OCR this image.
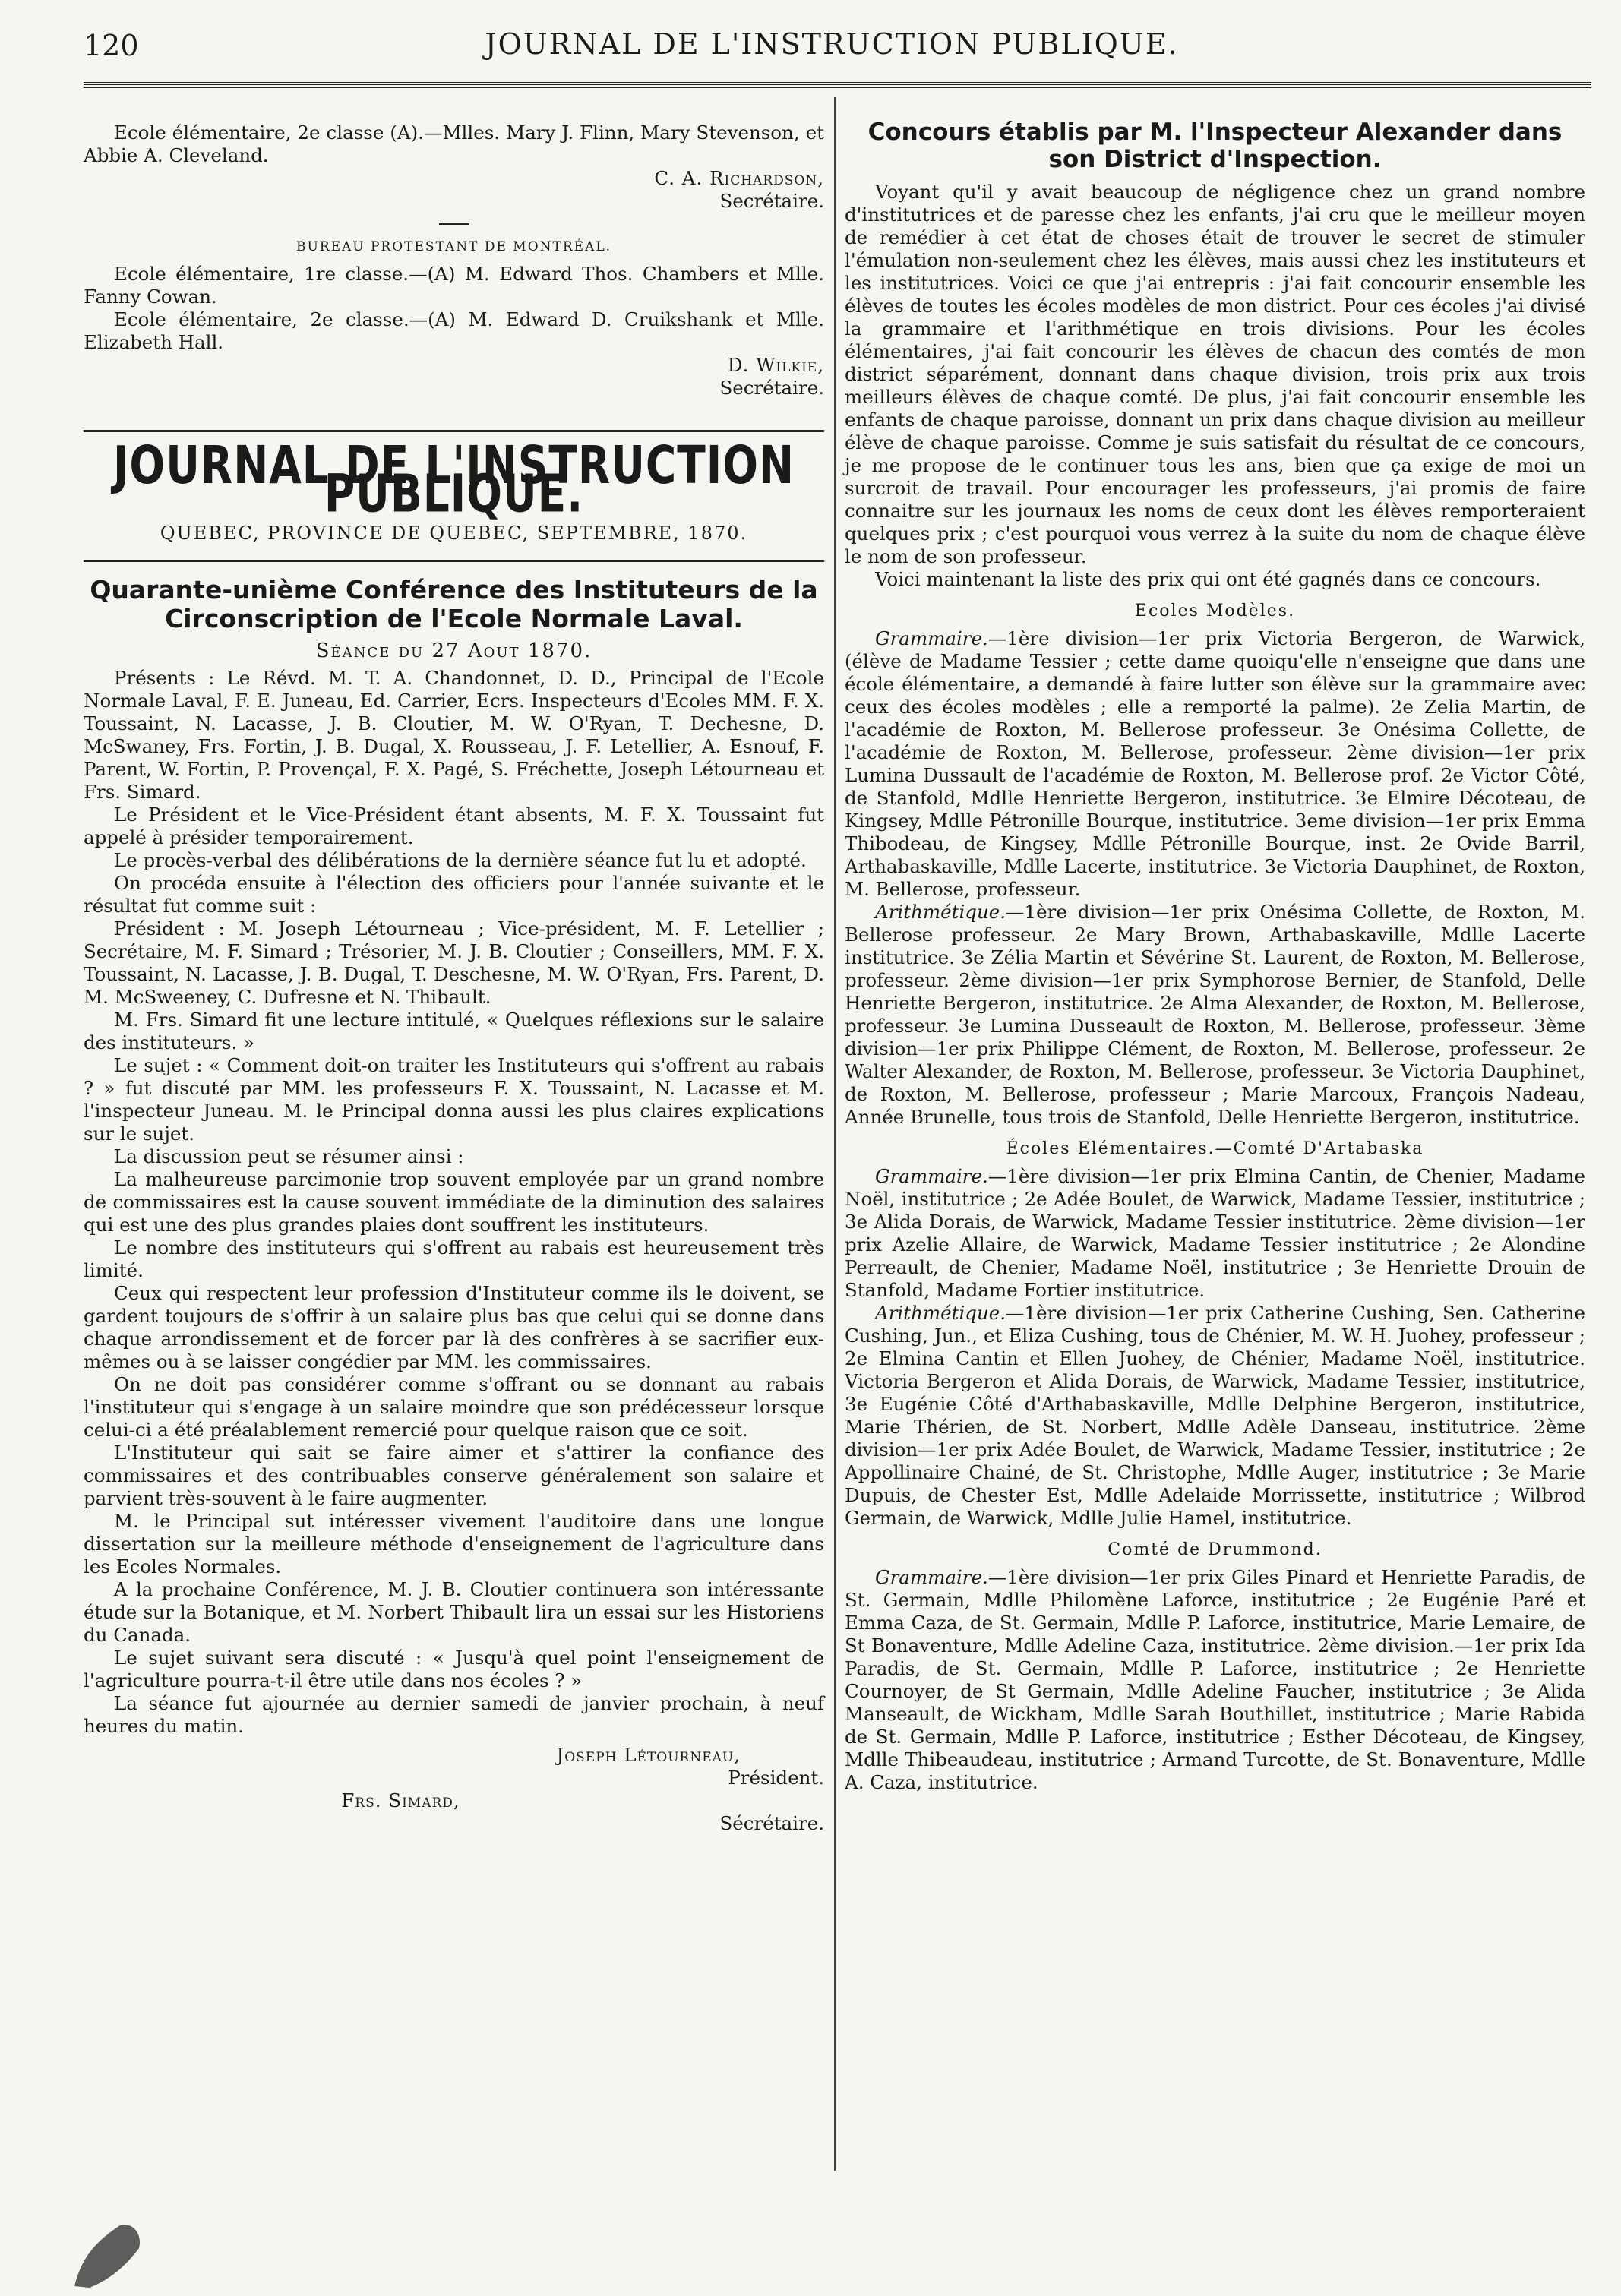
120	JOURNAL DE L'INSTRUCTION PUBLIQUE.

Ecole élémentaire, 2e classe (A).—Mlles. Mary J. Flinn, Mary Stevenson, et Abbie A. Cleveland.

C. A. Richardson,

Secrétaire.

BUREAU PROTESTANT DE MONTRÉAL.

Ecole élémentaire, 1re classe.—(A) M. Edward Thos. Chambers et Mlle. Fanny Cowan.

Ecole élémentaire, 2e classe.—(A) M. Edward D. Cruikshank et Mlle. Elizabeth Hall.

D. Wilkie,

Secrétaire.

JOURNAL DE L'INSTRUCTION PUBLIQUE.
QUEBEC, PROVINCE DE QUEBEC, SEPTEMBRE, 1870.
Quarante-unième Conférence des Instituteurs de la Circonscription de l'Ecole Normale Laval.
Séance du 27 Aout 1870.

Présents : Le Révd. M. T. A. Chandonnet, D. D., Principal de l'Ecole Normale Laval, F. E. Juneau, Ed. Carrier, Ecrs. Inspecteurs d'Ecoles MM. F. X. Toussaint, N. Lacasse, J. B. Cloutier, M. W. O'Ryan, T. Dechesne, D. McSwaney, Frs. Fortin, J. B. Dugal, X. Rousseau, J. F. Letellier, A. Esnouf, F. Parent, W. Fortin, P. Provençal, F. X. Pagé, S. Fréchette, Joseph Létourneau et Frs. Simard.

Le Président et le Vice-Président étant absents, M. F. X. Toussaint fut appelé à présider temporairement.

Le procès-verbal des délibérations de la dernière séance fut lu et adopté.

On procéda ensuite à l'élection des officiers pour l'année suivante et le résultat fut comme suit :

Président : M. Joseph Létourneau ; Vice-président, M. F. Letellier ; Secrétaire, M. F. Simard ; Trésorier, M. J. B. Cloutier ; Conseillers, MM. F. X. Toussaint, N. Lacasse, J. B. Dugal, T. Deschesne, M. W. O'Ryan, Frs. Parent, D. M. McSweeney, C. Dufresne et N. Thibault.

M. Frs. Simard fit une lecture intitulé, « Quelques réflexions sur le salaire des instituteurs. »

Le sujet : « Comment doit-on traiter les Instituteurs qui s'offrent au rabais ? » fut discuté par MM. les professeurs F. X. Toussaint, N. Lacasse et M. l'inspecteur Juneau. M. le Principal donna aussi les plus claires explications sur le sujet.

La discussion peut se résumer ainsi :

La malheureuse parcimonie trop souvent employée par un grand nombre de commissaires est la cause souvent immédiate de la diminution des salaires qui est une des plus grandes plaies dont souffrent les instituteurs.

Le nombre des instituteurs qui s'offrent au rabais est heureusement très limité.

Ceux qui respectent leur profession d'Instituteur comme ils le doivent, se gardent toujours de s'offrir à un salaire plus bas que celui qui se donne dans chaque arrondissement et de forcer par là des confrères à se sacrifier eux-mêmes ou à se laisser congédier par MM. les commissaires.

On ne doit pas considérer comme s'offrant ou se donnant au rabais l'instituteur qui s'engage à un salaire moindre que son prédécesseur lorsque celui-ci a été préalablement remercié pour quelque raison que ce soit.

L'Instituteur qui sait se faire aimer et s'attirer la confiance des commissaires et des contribuables conserve généralement son salaire et parvient très-souvent à le faire augmenter.

M. le Principal sut intéresser vivement l'auditoire dans une longue dissertation sur la meilleure méthode d'enseignement de l'agriculture dans les Ecoles Normales.

A la prochaine Conférence, M. J. B. Cloutier continuera son intéressante étude sur la Botanique, et M. Norbert Thibault lira un essai sur les Historiens du Canada.

Le sujet suivant sera discuté : « Jusqu'à quel point l'enseignement de l'agriculture pourra-t-il être utile dans nos écoles ? »

La séance fut ajournée au dernier samedi de janvier prochain, à neuf heures du matin.

Joseph Létourneau,

Président.

Frs. Simard,

Sécrétaire.

Concours établis par M. l'Inspecteur Alexander dans son District d'Inspection.

Voyant qu'il y avait beaucoup de négligence chez un grand nombre d'institutrices et de paresse chez les enfants, j'ai cru que le meilleur moyen de remédier à cet état de choses était de trouver le secret de stimuler l'émulation non-seulement chez les élèves, mais aussi chez les instituteurs et les institutrices. Voici ce que j'ai entrepris : j'ai fait concourir ensemble les élèves de toutes les écoles modèles de mon district. Pour ces écoles j'ai divisé la grammaire et l'arithmétique en trois divisions. Pour les écoles élémentaires, j'ai fait concourir les élèves de chacun des comtés de mon district séparément, donnant dans chaque division, trois prix aux trois meilleurs élèves de chaque comté. De plus, j'ai fait concourir ensemble les enfants de chaque paroisse, donnant un prix dans chaque division au meilleur élève de chaque paroisse. Comme je suis satisfait du résultat de ce concours, je me propose de le continuer tous les ans, bien que ça exige de moi un surcroit de travail. Pour encourager les professeurs, j'ai promis de faire connaitre sur les journaux les noms de ceux dont les élèves remporteraient quelques prix ; c'est pourquoi vous verrez à la suite du nom de chaque élève le nom de son professeur.

Voici maintenant la liste des prix qui ont été gagnés dans ce concours.

Ecoles Modèles.

Grammaire.—1ère division—1er prix Victoria Bergeron, de Warwick, (élève de Madame Tessier ; cette dame quoiqu'elle n'enseigne que dans une école élémentaire, a demandé à faire lutter son élève sur la grammaire avec ceux des écoles modèles ; elle a remporté la palme). 2e Zelia Martin, de l'académie de Roxton, M. Bellerose professeur. 3e Onésima Collette, de l'académie de Roxton, M. Bellerose, professeur. 2ème division—1er prix Lumina Dussault de l'académie de Roxton, M. Bellerose prof. 2e Victor Côté, de Stanfold, Mdlle Henriette Bergeron, institutrice. 3e Elmire Décoteau, de Kingsey, Mdlle Pétronille Bourque, institutrice. 3eme division—1er prix Emma Thibodeau, de Kingsey, Mdlle Pétronille Bourque, inst. 2e Ovide Barril, Arthabaskaville, Mdlle Lacerte, institutrice. 3e Victoria Dauphinet, de Roxton, M. Bellerose, professeur.

Arithmétique.—1ère division—1er prix Onésima Collette, de Roxton, M. Bellerose professeur. 2e Mary Brown, Arthabaskaville, Mdlle Lacerte institutrice. 3e Zélia Martin et Sévérine St. Laurent, de Roxton, M. Bellerose, professeur. 2ème division—1er prix Symphorose Bernier, de Stanfold, Delle Henriette Bergeron, institutrice. 2e Alma Alexander, de Roxton, M. Bellerose, professeur. 3e Lumina Dusseault de Roxton, M. Bellerose, professeur. 3ème division—1er prix Philippe Clément, de Roxton, M. Bellerose, professeur. 2e Walter Alexander, de Roxton, M. Bellerose, professeur. 3e Victoria Dauphinet, de Roxton, M. Bellerose, professeur ; Marie Marcoux, François Nadeau, Année Brunelle, tous trois de Stanfold, Delle Henriette Bergeron, institutrice.

Écoles Elémentaires.—Comté D'Artabaska

Grammaire.—1ère division—1er prix Elmina Cantin, de Chenier, Madame Noël, institutrice ; 2e Adée Boulet, de Warwick, Madame Tessier, institutrice ; 3e Alida Dorais, de Warwick, Madame Tessier institutrice. 2ème division—1er prix Azelie Allaire, de Warwick, Madame Tessier institutrice ; 2e Alondine Perreault, de Chenier, Madame Noël, institutrice ; 3e Henriette Drouin de Stanfold, Madame Fortier institutrice.

Arithmétique.—1ère division—1er prix Catherine Cushing, Sen. Catherine Cushing, Jun., et Eliza Cushing, tous de Chénier, M. W. H. Juohey, professeur ; 2e Elmina Cantin et Ellen Juohey, de Chénier, Madame Noël, institutrice. Victoria Bergeron et Alida Dorais, de Warwick, Madame Tessier, institutrice, 3e Eugénie Côté d'Arthabaskaville, Mdlle Delphine Bergeron, institutrice, Marie Thérien, de St. Norbert, Mdlle Adèle Danseau, institutrice. 2ème division—1er prix Adée Boulet, de Warwick, Madame Tessier, institutrice ; 2e Appollinaire Chainé, de St. Christophe, Mdlle Auger, institutrice ; 3e Marie Dupuis, de Chester Est, Mdlle Adelaide Morrissette, institutrice ; Wilbrod Germain, de Warwick, Mdlle Julie Hamel, institutrice.

Comté de Drummond.

Grammaire.—1ère division—1er prix Giles Pinard et Henriette Paradis, de St. Germain, Mdlle Philomène Laforce, institutrice ; 2e Eugénie Paré et Emma Caza, de St. Germain, Mdlle P. Laforce, institutrice, Marie Lemaire, de St Bonaventure, Mdlle Adeline Caza, institutrice. 2ème division.—1er prix Ida Paradis, de St. Germain, Mdlle P. Laforce, institutrice ; 2e Henriette Cournoyer, de St Germain, Mdlle Adeline Faucher, institutrice ; 3e Alida Manseault, de Wickham, Mdlle Sarah Bouthillet, institutrice ; Marie Rabida de St. Germain, Mdlle P. Laforce, institutrice ; Esther Décoteau, de Kingsey, Mdlle Thibeaudeau, institutrice ; Armand Turcotte, de St. Bonaventure, Mdlle A. Caza, institutrice.
